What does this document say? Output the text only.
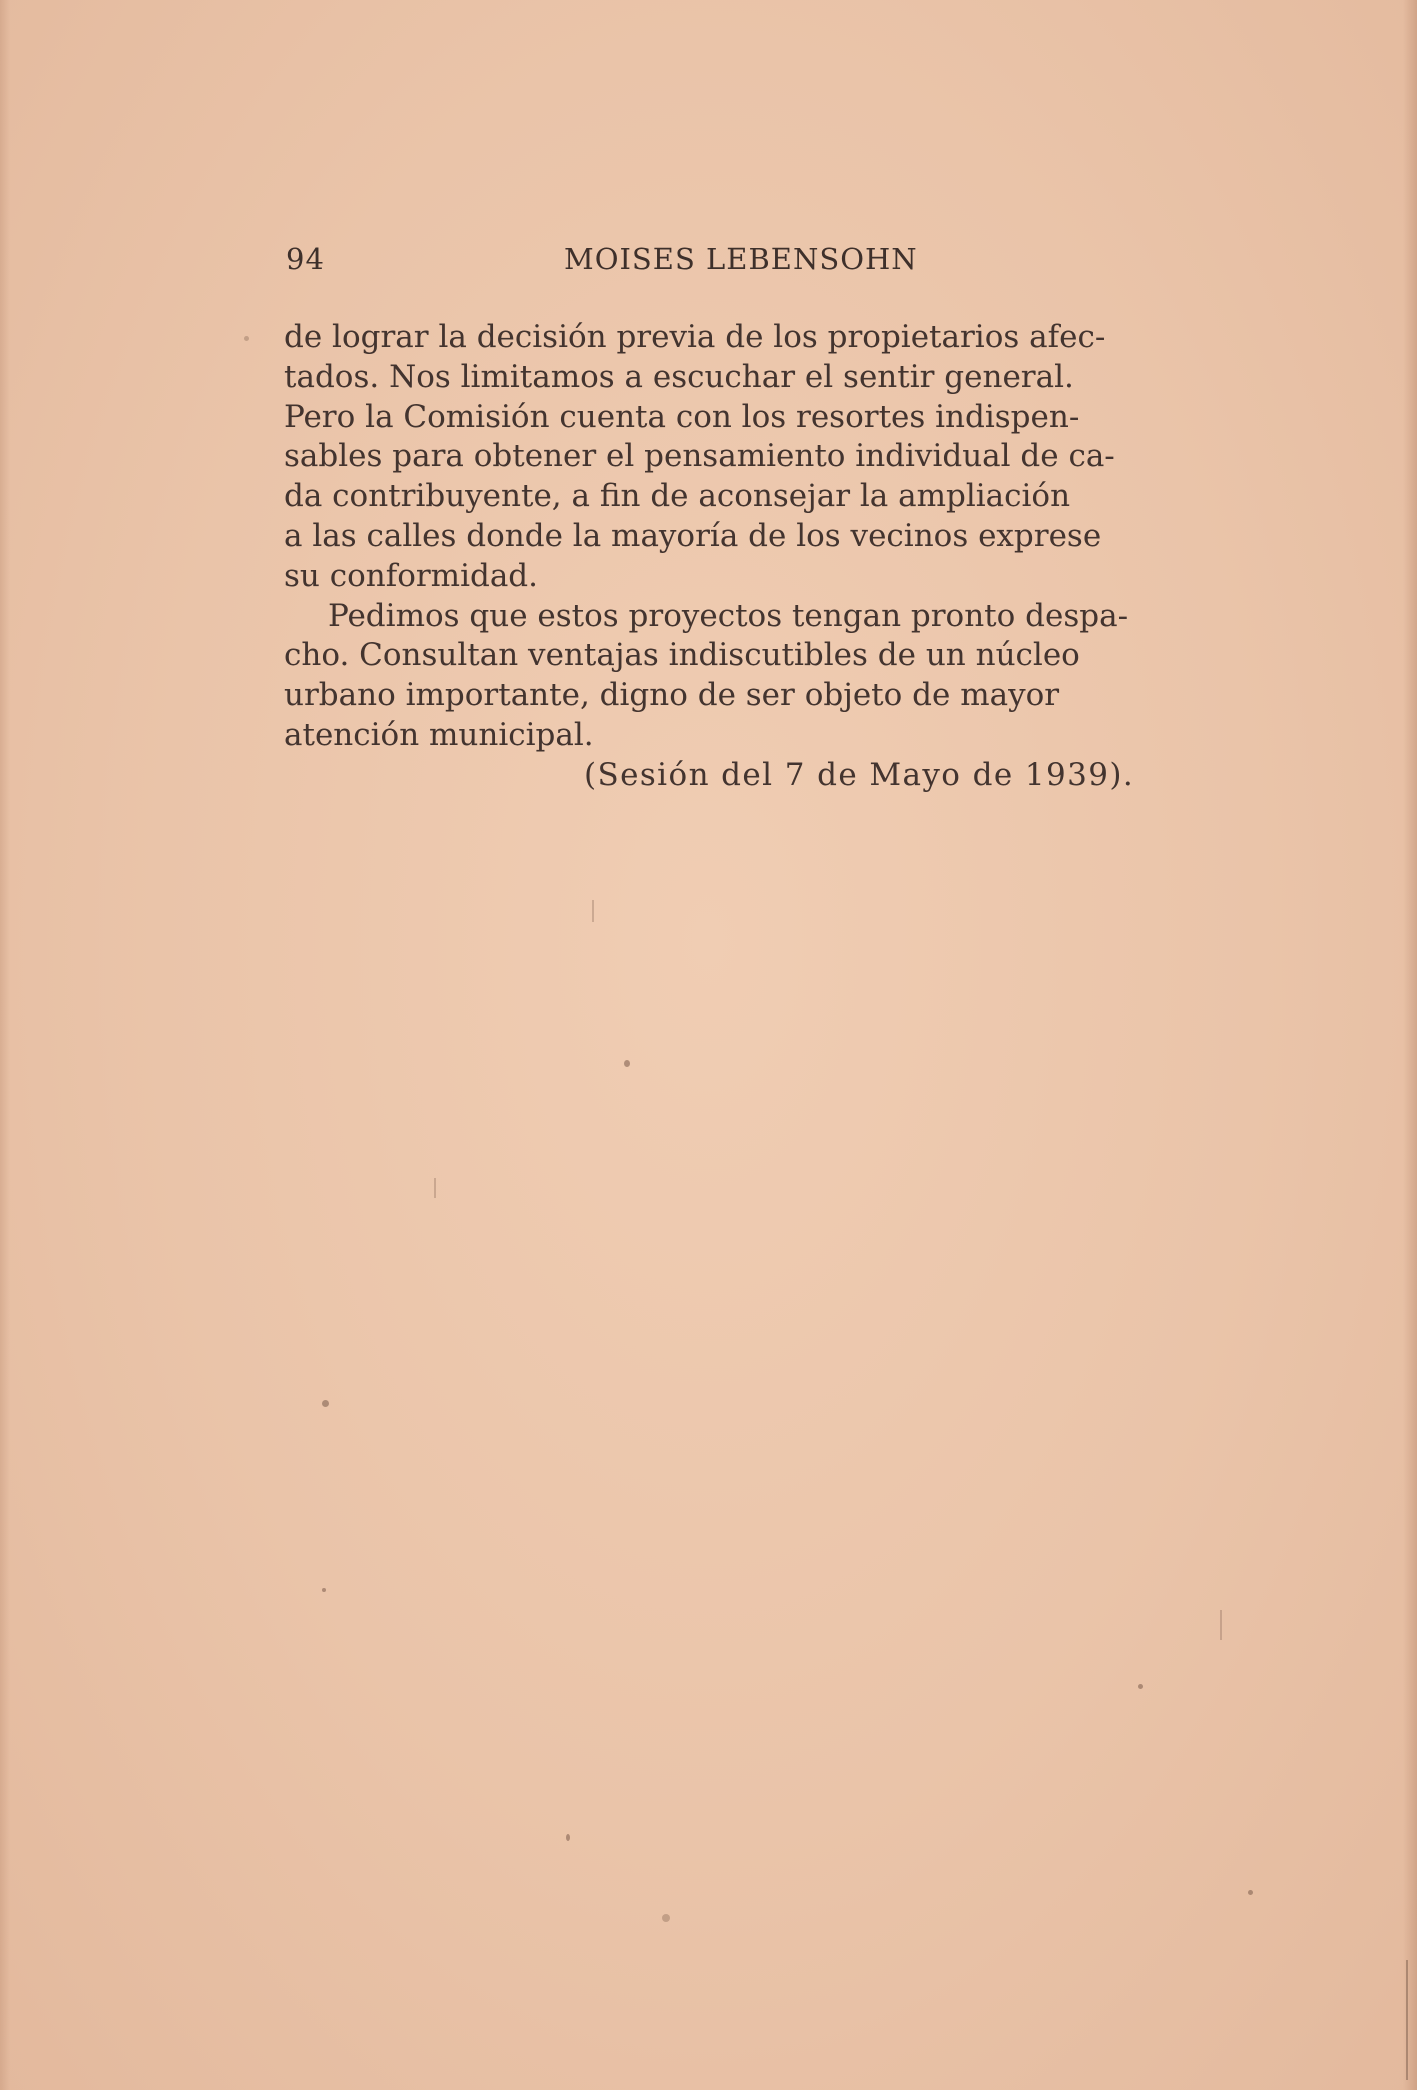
94	MOISES LEBENSOHN
de lograr la decisión previa de los propietarios afec-
tados. Nos limitamos a escuchar el sentir general.
Pero la Comisión cuenta con los resortes indispen-
sables para obtener el pensamiento individual de ca-
da contribuyente, a fin de aconsejar la ampliación
a las calles donde la mayoría de los vecinos exprese
su conformidad.
Pedimos que estos proyectos tengan pronto despa-
cho. Consultan ventajas indiscutibles de un núcleo
urbano importante, digno de ser objeto de mayor
atención municipal.
(Sesión del 7 de Mayo de 1939).
